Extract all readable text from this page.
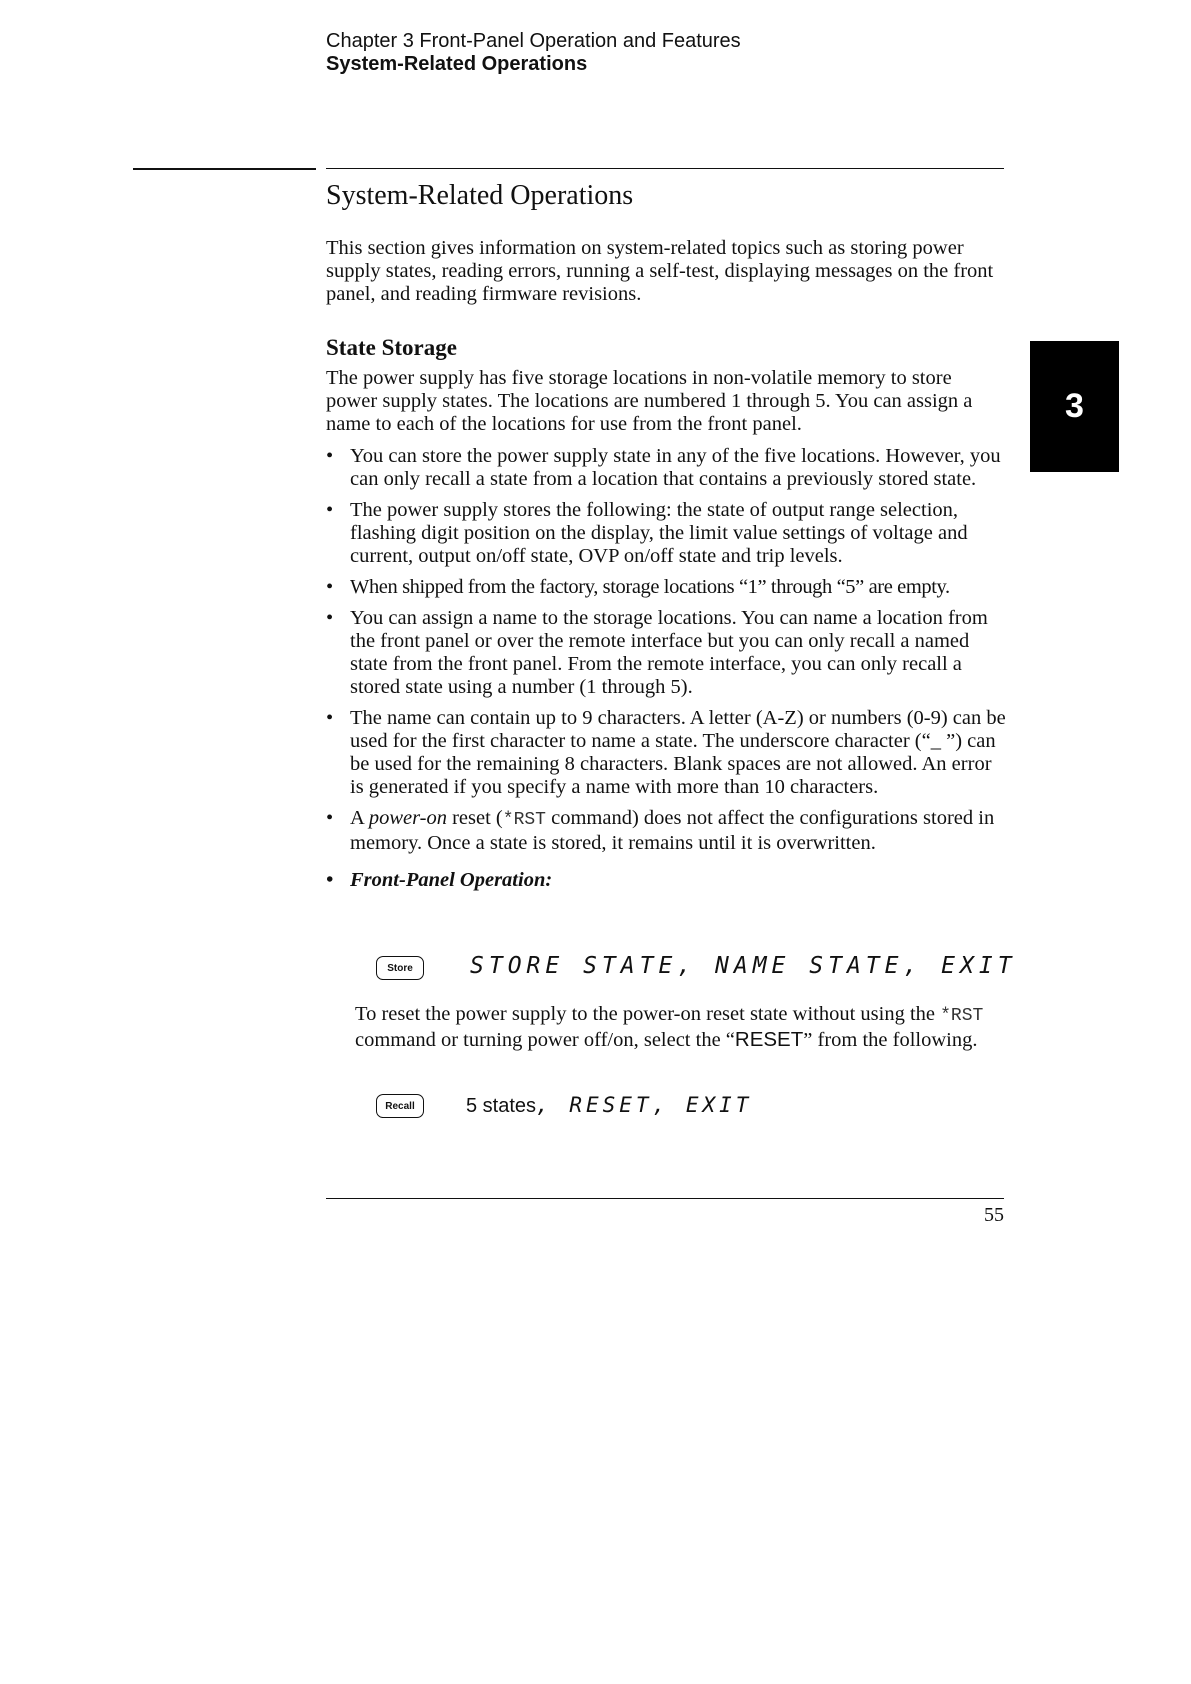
Chapter 3 Front-Panel Operation and Features
System-Related Operations
System-Related Operations

This section gives information on system-related topics such as storing power supply states, reading errors, running a self-test, displaying messages on the front panel, and reading firmware revisions.

State Storage

The power supply has five storage locations in non-volatile memory to store power supply states. The locations are numbered 1 through 5. You can assign a name to each of the locations for use from the front panel.

• You can store the power supply state in any of the five locations. However, you can only recall a state from a location that contains a previously stored state.
• The power supply stores the following: the state of output range selection, flashing digit position on the display, the limit value settings of voltage and current, output on/off state, OVP on/off state and trip levels.
• When shipped from the factory, storage locations “1” through “5” are empty.
• You can assign a name to the storage locations. You can name a location from the front panel or over the remote interface but you can only recall a named state from the front panel. From the remote interface, you can only recall a stored state using a number (1 through 5).
• The name can contain up to 9 characters. A letter (A-Z) or numbers (0-9) can be used for the first character to name a state. The underscore character (“_ ”) can be used for the remaining 8 characters. Blank spaces are not allowed. An error is generated if you specify a name with more than 10 characters.
• A power-on reset (*RST command) does not affect the configurations stored in memory. Once a state is stored, it remains until it is overwritten.
• Front-Panel Operation:
Store	STORE STATE, NAME STATE, EXIT

To reset the power supply to the power-on reset state without using the *RST command or turning power off/on, select the “RESET” from the following.

Recall	5 states, RESET, EXIT
55
3
